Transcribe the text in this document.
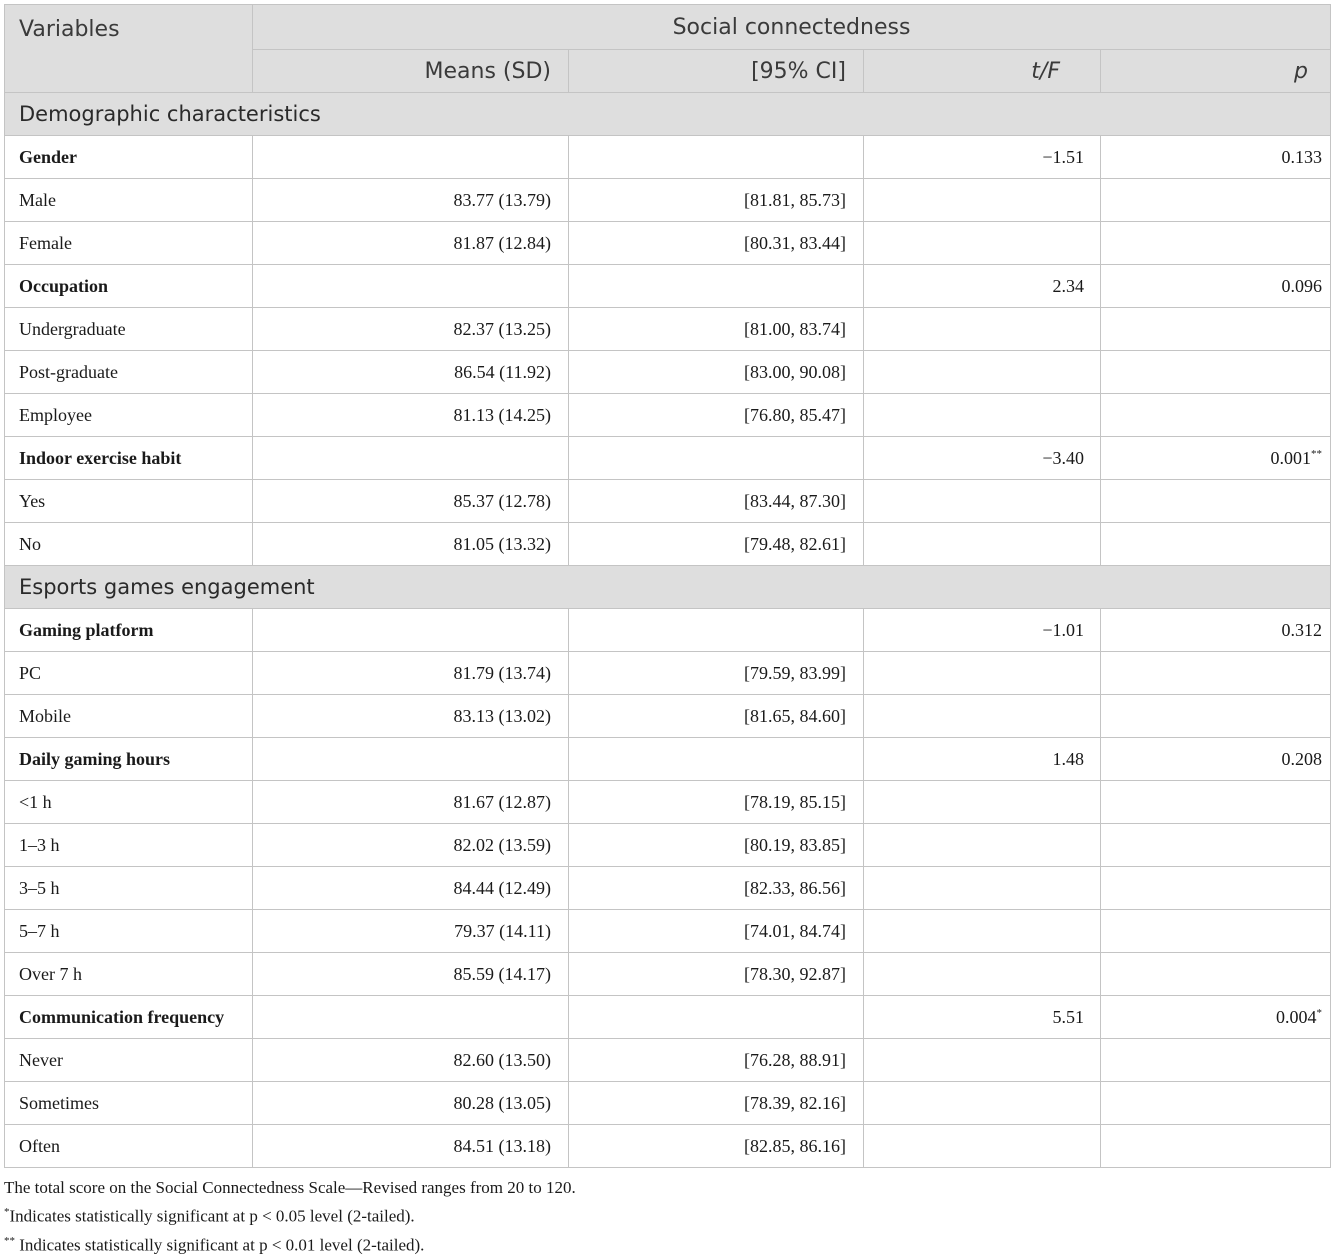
Variables	Social connectedness			
	Means (SD)	[95% CI]	t/F	p
Demographic characteristics				
Gender			−1.51	0.133
Male	83.77 (13.79)	[81.81, 85.73]		
Female	81.87 (12.84)	[80.31, 83.44]		
Occupation			2.34	0.096
Undergraduate	82.37 (13.25)	[81.00, 83.74]		
Post-graduate	86.54 (11.92)	[83.00, 90.08]		
Employee	81.13 (14.25)	[76.80, 85.47]		
Indoor exercise habit			−3.40	0.001**
Yes	85.37 (12.78)	[83.44, 87.30]		
No	81.05 (13.32)	[79.48, 82.61]		
Esports games engagement				
Gaming platform			−1.01	0.312
PC	81.79 (13.74)	[79.59, 83.99]		
Mobile	83.13 (13.02)	[81.65, 84.60]		
Daily gaming hours			1.48	0.208
<1 h	81.67 (12.87)	[78.19, 85.15]		
1–3 h	82.02 (13.59)	[80.19, 83.85]		
3–5 h	84.44 (12.49)	[82.33, 86.56]		
5–7 h	79.37 (14.11)	[74.01, 84.74]		
Over 7 h	85.59 (14.17)	[78.30, 92.87]		
Communication frequency			5.51	0.004*
Never	82.60 (13.50)	[76.28, 88.91]		
Sometimes	80.28 (13.05)	[78.39, 82.16]		
Often	84.51 (13.18)	[82.85, 86.16]		

The total score on the Social Connectedness Scale—Revised ranges from 20 to 120.

*Indicates statistically significant at p < 0.05 level (2-tailed).

** Indicates statistically significant at p < 0.01 level (2-tailed).
